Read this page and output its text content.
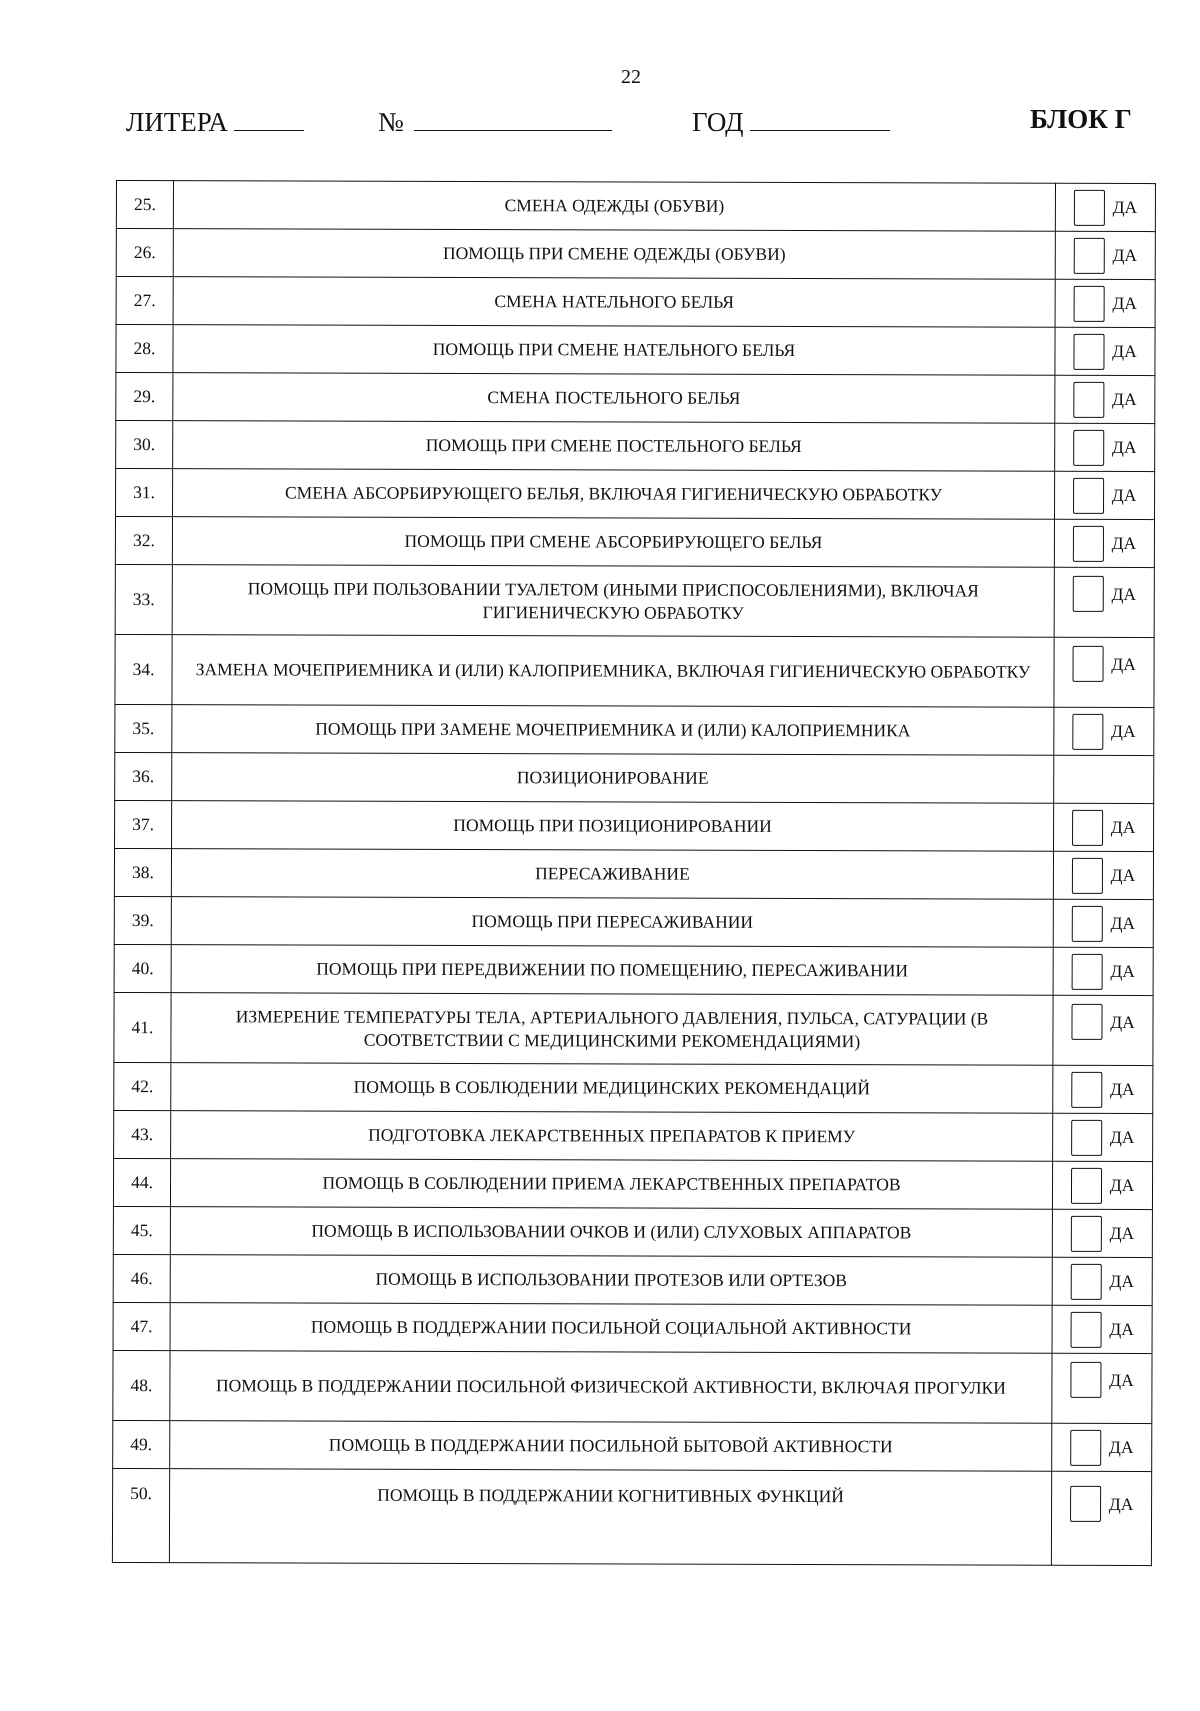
22
ЛИТЕРА	№	ГОД	БЛОК Г
25.	СМЕНА ОДЕЖДЫ (ОБУВИ)	ДА

26.	ПОМОЩЬ ПРИ СМЕНЕ ОДЕЖДЫ (ОБУВИ)	ДА

27.	СМЕНА НАТЕЛЬНОГО БЕЛЬЯ	ДА

28.	ПОМОЩЬ ПРИ СМЕНЕ НАТЕЛЬНОГО БЕЛЬЯ	ДА

29.	СМЕНА ПОСТЕЛЬНОГО БЕЛЬЯ	ДА

30.	ПОМОЩЬ ПРИ СМЕНЕ ПОСТЕЛЬНОГО БЕЛЬЯ	ДА

31.	СМЕНА АБСОРБИРУЮЩЕГО БЕЛЬЯ, ВКЛЮЧАЯ ГИГИЕНИЧЕСКУЮ ОБРАБОТКУ	ДА

32.	ПОМОЩЬ ПРИ СМЕНЕ АБСОРБИРУЮЩЕГО БЕЛЬЯ	ДА

33.	ПОМОЩЬ ПРИ ПОЛЬЗОВАНИИ ТУАЛЕТОМ (ИНЫМИ ПРИСПОСОБЛЕНИЯМИ), ВКЛЮЧАЯ ГИГИЕНИЧЕСКУЮ ОБРАБОТКУ	ДА

34.	ЗАМЕНА МОЧЕПРИЕМНИКА И (ИЛИ) КАЛОПРИЕМНИКА, ВКЛЮЧАЯ ГИГИЕНИЧЕСКУЮ ОБРАБОТКУ	ДА

35.	ПОМОЩЬ ПРИ ЗАМЕНЕ МОЧЕПРИЕМНИКА И (ИЛИ) КАЛОПРИЕМНИКА	ДА

36.	ПОЗИЦИОНИРОВАНИЕ	
37.	ПОМОЩЬ ПРИ ПОЗИЦИОНИРОВАНИИ	ДА

38.	ПЕРЕСАЖИВАНИЕ	ДА

39.	ПОМОЩЬ ПРИ ПЕРЕСАЖИВАНИИ	ДА

40.	ПОМОЩЬ ПРИ ПЕРЕДВИЖЕНИИ ПО ПОМЕЩЕНИЮ, ПЕРЕСАЖИВАНИИ	ДА

41.	ИЗМЕРЕНИЕ ТЕМПЕРАТУРЫ ТЕЛА, АРТЕРИАЛЬНОГО ДАВЛЕНИЯ, ПУЛЬСА, САТУРАЦИИ (В СООТВЕТСТВИИ С МЕДИЦИНСКИМИ РЕКОМЕНДАЦИЯМИ)	ДА

42.	ПОМОЩЬ В СОБЛЮДЕНИИ МЕДИЦИНСКИХ РЕКОМЕНДАЦИЙ	ДА

43.	ПОДГОТОВКА ЛЕКАРСТВЕННЫХ ПРЕПАРАТОВ К ПРИЕМУ	ДА

44.	ПОМОЩЬ В СОБЛЮДЕНИИ ПРИЕМА ЛЕКАРСТВЕННЫХ ПРЕПАРАТОВ	ДА

45.	ПОМОЩЬ В ИСПОЛЬЗОВАНИИ ОЧКОВ И (ИЛИ) СЛУХОВЫХ АППАРАТОВ	ДА

46.	ПОМОЩЬ В ИСПОЛЬЗОВАНИИ ПРОТЕЗОВ ИЛИ ОРТЕЗОВ	ДА

47.	ПОМОЩЬ В ПОДДЕРЖАНИИ ПОСИЛЬНОЙ СОЦИАЛЬНОЙ АКТИВНОСТИ	ДА

48.	ПОМОЩЬ В ПОДДЕРЖАНИИ ПОСИЛЬНОЙ ФИЗИЧЕСКОЙ АКТИВНОСТИ, ВКЛЮЧАЯ ПРОГУЛКИ	ДА

49.	ПОМОЩЬ В ПОДДЕРЖАНИИ ПОСИЛЬНОЙ БЫТОВОЙ АКТИВНОСТИ	ДА

50.	ПОМОЩЬ В ПОДДЕРЖАНИИ КОГНИТИВНЫХ ФУНКЦИЙ	ДА
